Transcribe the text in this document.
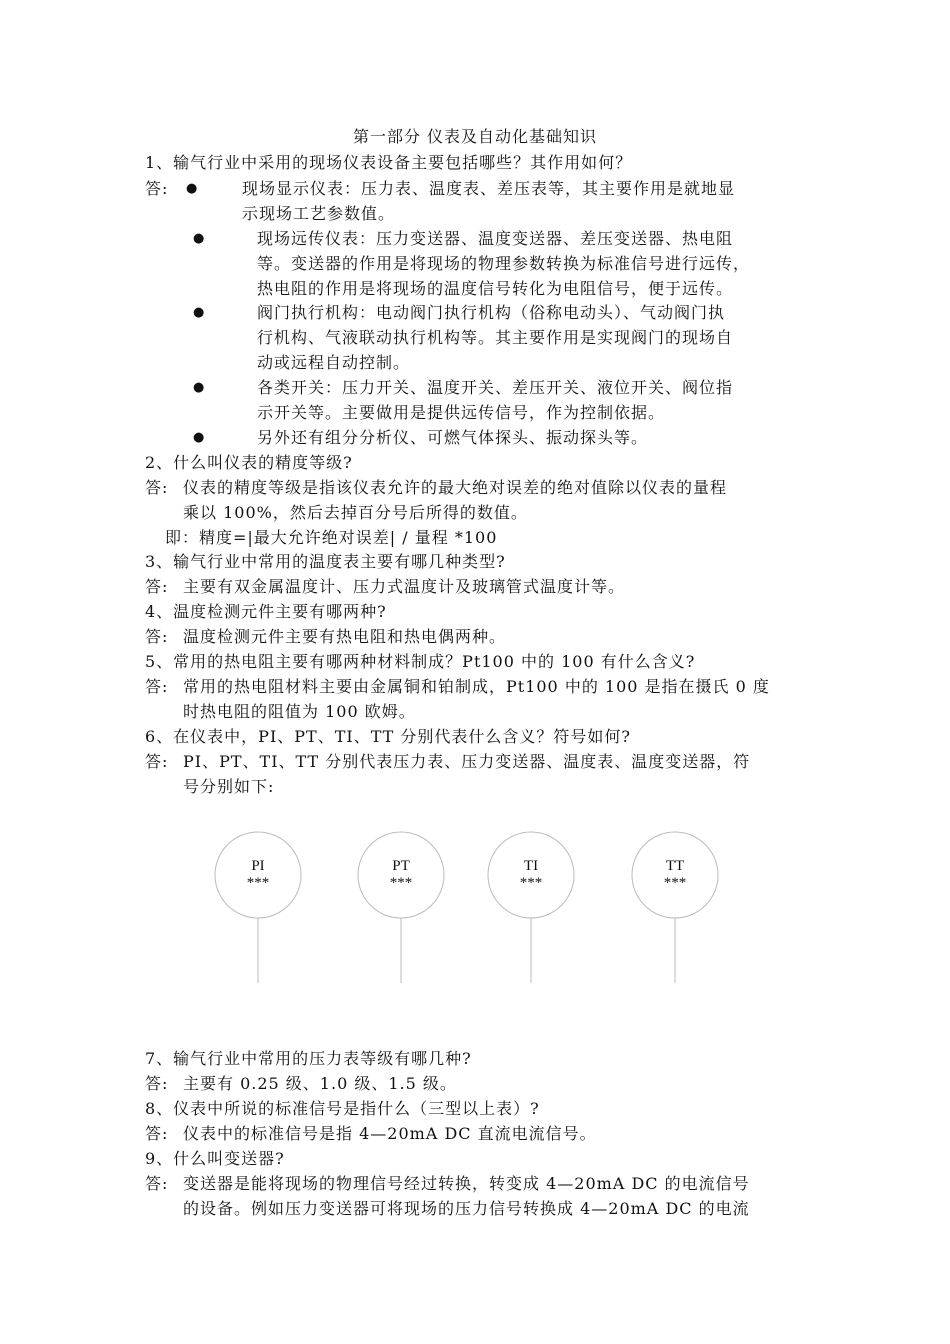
第一部分 仪表及自动化基础知识
1、输气行业中采用的现场仪表设备主要包括哪些？其作用如何？
答: ●	现场显示仪表：压力表、温度表、差压表等，其主要作用是就地显
示现场工艺参数值。
●	现场远传仪表：压力变送器、温度变送器、差压变送器、热电阻
等。变送器的作用是将现场的物理参数转换为标准信号进行远传，
热电阻的作用是将现场的温度信号转化为电阻信号，便于远传。
●	阀门执行机构：电动阀门执行机构（俗称电动头）、气动阀门执
行机构、气液联动执行机构等。其主要作用是实现阀门的现场自
动或远程自动控制。
●	各类开关：压力开关、温度开关、差压开关、液位开关、阀位指
示开关等。主要做用是提供远传信号，作为控制依据。
●	另外还有组分分析仪、可燃气体探头、振动探头等。
2、什么叫仪表的精度等级?
答: 仪表的精度等级是指该仪表允许的最大绝对误差的绝对值除以仪表的量程
乘以 100%，然后去掉百分号后所得的数值。
即：精度=|最大允许绝对误差| / 量程 *100
3、输气行业中常用的温度表主要有哪几种类型?
答: 主要有双金属温度计、压力式温度计及玻璃管式温度计等。
4、温度检测元件主要有哪两种?
答: 温度检测元件主要有热电阻和热电偶两种。
5、常用的热电阻主要有哪两种材料制成？Pt100 中的 100 有什么含义?
答: 常用的热电阻材料主要由金属铜和铂制成，Pt100 中的 100 是指在摄氏 0 度
时热电阻的阻值为 100 欧姆。
6、在仪表中，PI、PT、TI、TT 分别代表什么含义？符号如何?
答: PI、PT、TI、TT 分别代表压力表、压力变送器、温度表、温度变送器，符
号分别如下:
PI
***
PT
***
TI
***
TT
***
7、输气行业中常用的压力表等级有哪几种?
答: 主要有 0.25 级、1.0 级、1.5 级。
8、仪表中所说的标准信号是指什么（三型以上表）?
答: 仪表中的标准信号是指 4—20mA DC 直流电流信号。
9、什么叫变送器?
答: 变送器是能将现场的物理信号经过转换，转变成 4—20mA DC 的电流信号
的设备。例如压力变送器可将现场的压力信号转换成 4—20mA DC 的电流
